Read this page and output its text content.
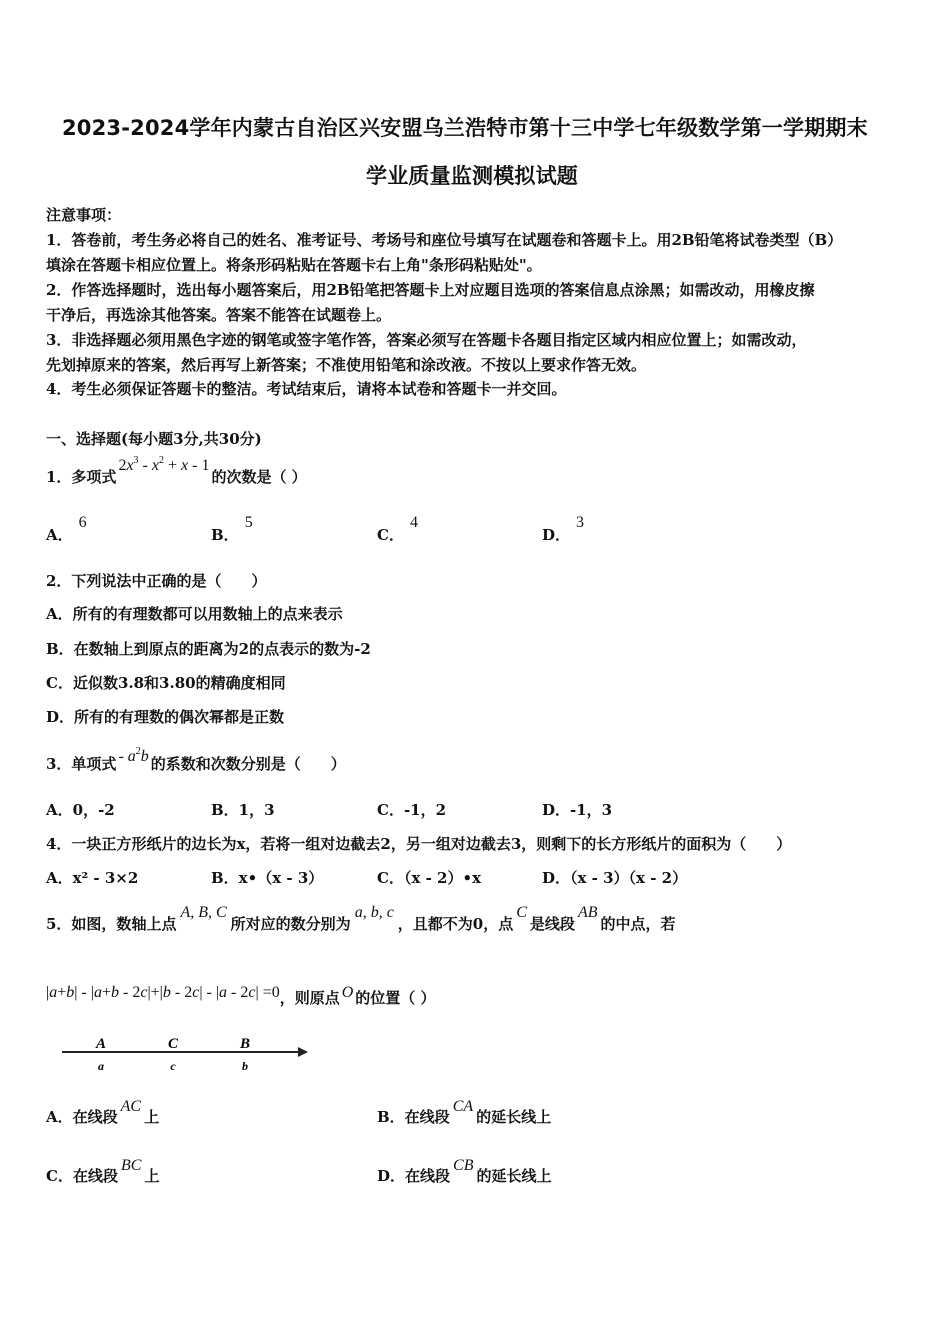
2023-2024学年内蒙古自治区兴安盟乌兰浩特市第十三中学七年级数学第一学期期末
学业质量监测模拟试题
注意事项：
1．答卷前，考生务必将自己的姓名、准考证号、考场号和座位号填写在试题卷和答题卡上。用2B铅笔将试卷类型（B）
填涂在答题卡相应位置上。将条形码粘贴在答题卡右上角"条形码粘贴处"。
2．作答选择题时，选出每小题答案后，用2B铅笔把答题卡上对应题目选项的答案信息点涂黑；如需改动，用橡皮擦
干净后，再选涂其他答案。答案不能答在试题卷上。
3．非选择题必须用黑色字迹的钢笔或签字笔作答，答案必须写在答题卡各题目指定区域内相应位置上；如需改动，
先划掉原来的答案，然后再写上新答案；不准使用铅笔和涂改液。不按以上要求作答无效。
4．考生必须保证答题卡的整洁。考试结束后，请将本试卷和答题卡一并交回。
一、选择题(每小题3分,共30分)
1．多项式$2x^3 - x^2 + x - 1$的次数是（ ）
A．6
B．5
C．4
D．3
2．下列说法中正确的是（　　）
A．所有的有理数都可以用数轴上的点来表示
B．在数轴上到原点的距离为2的点表示的数为-2
C．近似数3.8和3.80的精确度相同
D．所有的有理数的偶次幂都是正数
3．单项式 - $a^2b$ 的系数和次数分别是（　　）
A．0，-2	B．1，3	C．-1，2	D．-1，3
4．一块正方形纸片的边长为x，若将一组对边截去2，另一组对边截去3，则剩下的长方形纸片的面积为（　　）
A．x² - 3×2	B．x•（x - 3）	C．（x - 2）•x	D．（x - 3）（x - 2）
5．如图，数轴上点A, B, C所对应的数分别为a, b, c，且都不为0，点C是线段AB的中点，若
|a+b| - |a+b - 2c|+|b - 2c| - |a - 2c| =0，则原点 O 的位置（ ）
A	C	B
a	c	b
A．在线段AC上	B．在线段CA的延长线上
C．在线段BC上	D．在线段CB的延长线上
